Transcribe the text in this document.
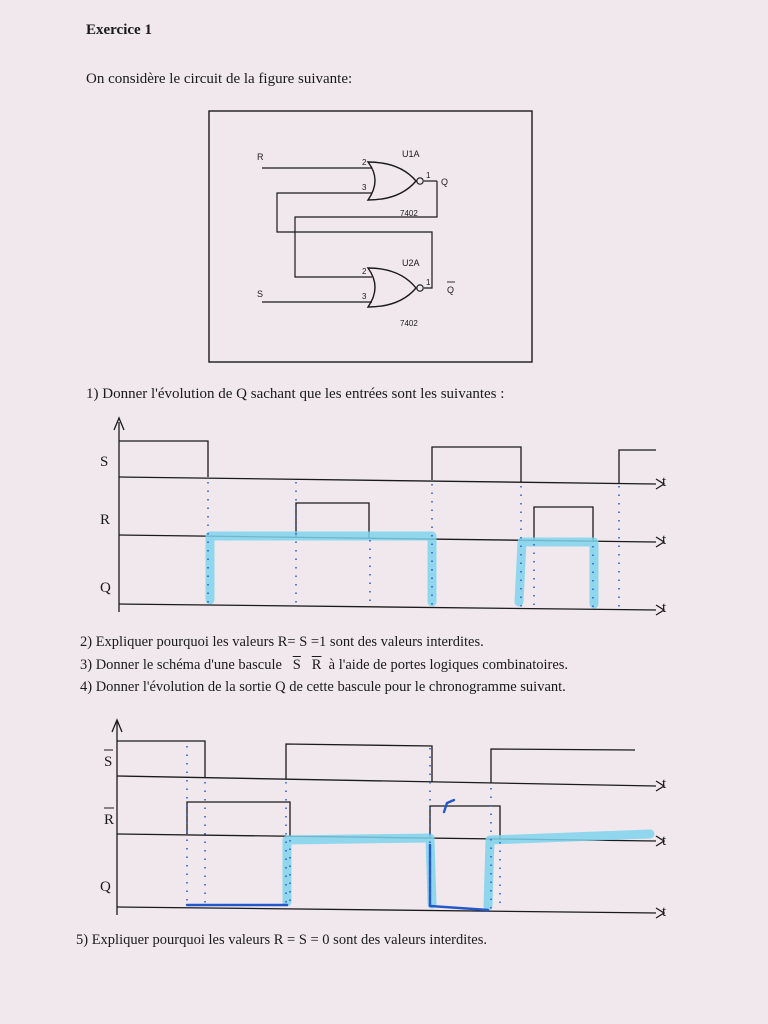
Exercice 1
On considère le circuit de la figure suivante:
R
S
U1A
U2A
7402
7402
2
3
2
3
1
1
Q
Q
1) Donner l'évolution de Q sachant que les entrées sont les suivantes :
S
R
Q
t
t
t
2) Expliquer pourquoi les valeurs R= S =1 sont des valeurs interdites.
3) Donner le schéma d'une bascule $\overline{S}$ $\overline{R}$ à l'aide de portes logiques combinatoires.
4) Donner l'évolution de la sortie Q de cette bascule pour le chronogramme suivant.
S
R
Q
t
t
t
5) Expliquer pourquoi les valeurs R = S = 0 sont des valeurs interdites.
